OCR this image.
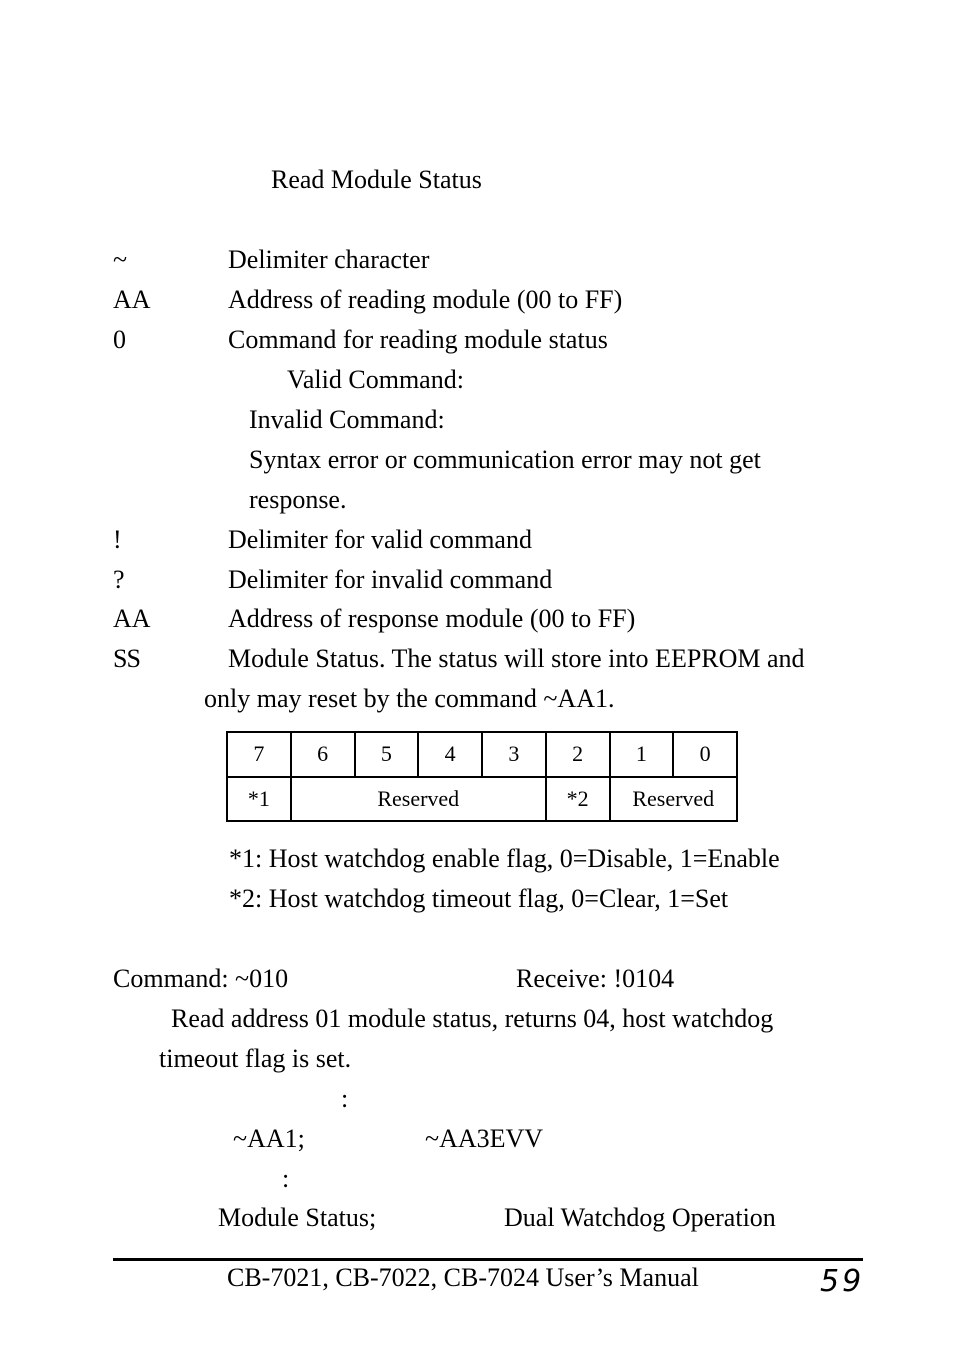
Read Module Status
~	Delimiter character
AA	Address of reading module (00 to FF)
0	Command for reading module status
Valid Command:
Invalid Command:
Syntax error or communication error may not get
response.
!	Delimiter for valid command
?	Delimiter for invalid command
AA	Address of response module (00 to FF)
SS	Module Status. The status will store into EEPROM and
only may reset by the command ~AA1.
7	6	5	4	3	2	1	0
*1	Reserved				*2	Reserved	
*1: Host watchdog enable flag, 0=Disable, 1=Enable
*2: Host watchdog timeout flag, 0=Clear, 1=Set
Command: ~010	Receive: !0104
Read address 01 module status, returns 04, host watchdog
timeout flag is set.
:
~AA1;	~AA3EVV
:
Module Status;	Dual Watchdog Operation
CB-7021, CB-7022, CB-7024 User’s Manual	59
